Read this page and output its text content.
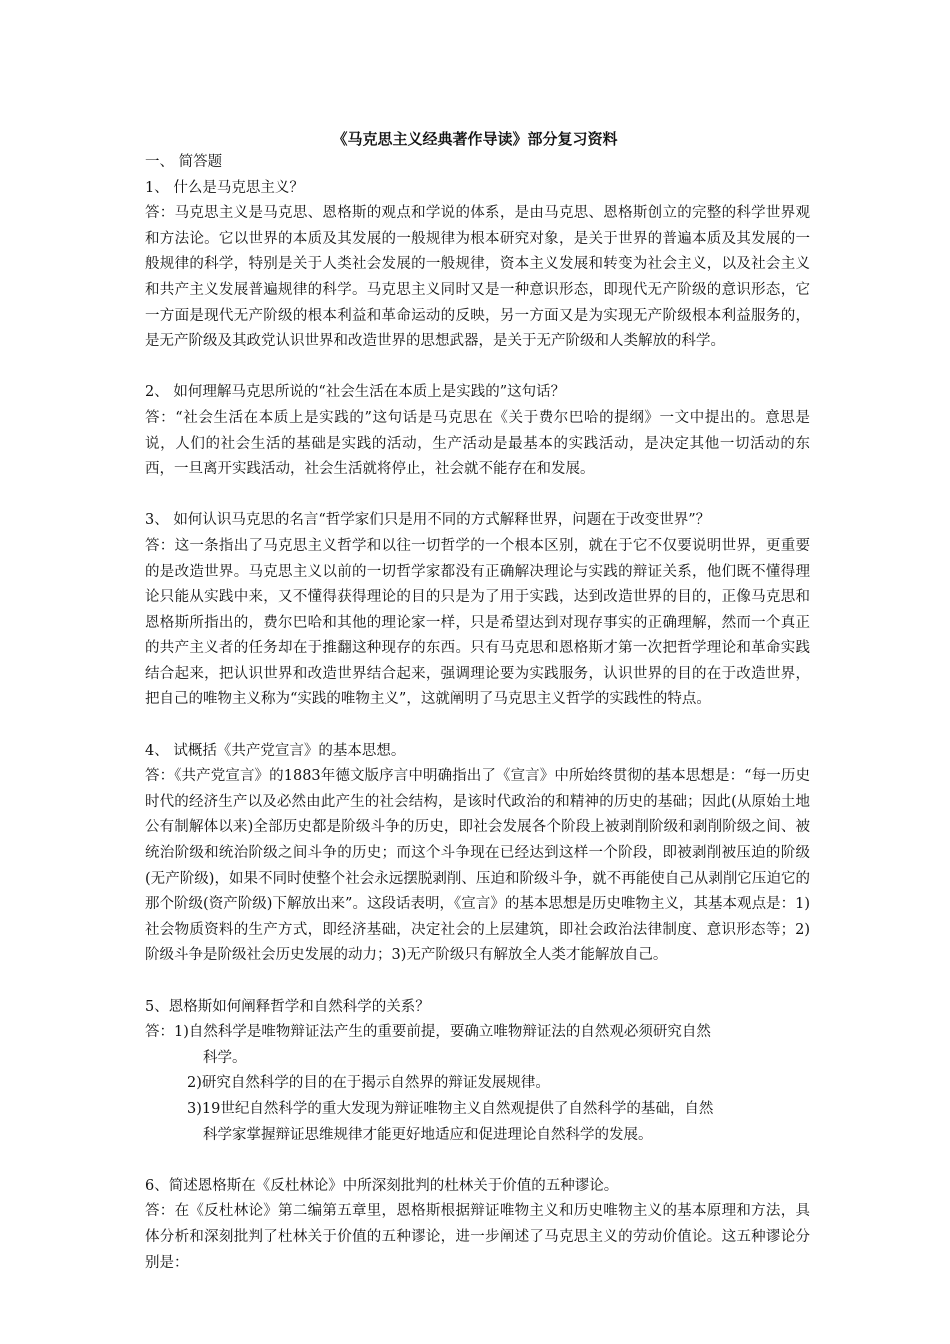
《马克思主义经典著作导读》部分复习资料
一、 简答题
1、 什么是马克思主义？
答：马克思主义是马克思、恩格斯的观点和学说的体系，是由马克思、恩格斯创立的完整的科学世界观和方法论。它以世界的本质及其发展的一般规律为根本研究对象，是关于世界的普遍本质及其发展的一般规律的科学，特别是关于人类社会发展的一般规律，资本主义发展和转变为社会主义，以及社会主义和共产主义发展普遍规律的科学。马克思主义同时又是一种意识形态，即现代无产阶级的意识形态，它一方面是现代无产阶级的根本利益和革命运动的反映，另一方面又是为实现无产阶级根本利益服务的，是无产阶级及其政党认识世界和改造世界的思想武器，是关于无产阶级和人类解放的科学。
2、 如何理解马克思所说的“社会生活在本质上是实践的”这句话？
答：“社会生活在本质上是实践的”这句话是马克思在《关于费尔巴哈的提纲》一文中提出的。意思是说，人们的社会生活的基础是实践的活动，生产活动是最基本的实践活动，是决定其他一切活动的东西，一旦离开实践活动，社会生活就将停止，社会就不能存在和发展。
3、 如何认识马克思的名言“哲学家们只是用不同的方式解释世界，问题在于改变世界”？
答：这一条指出了马克思主义哲学和以往一切哲学的一个根本区别，就在于它不仅要说明世界，更重要的是改造世界。马克思主义以前的一切哲学家都没有正确解决理论与实践的辩证关系，他们既不懂得理论只能从实践中来，又不懂得获得理论的目的只是为了用于实践，达到改造世界的目的，正像马克思和恩格斯所指出的，费尔巴哈和其他的理论家一样，只是希望达到对现存事实的正确理解，然而一个真正的共产主义者的任务却在于推翻这种现存的东西。只有马克思和恩格斯才第一次把哲学理论和革命实践结合起来，把认识世界和改造世界结合起来，强调理论要为实践服务，认识世界的目的在于改造世界，把自己的唯物主义称为“实践的唯物主义”，这就阐明了马克思主义哲学的实践性的特点。
4、 试概括《共产党宣言》的基本思想。
答：《共产党宣言》的1883年德文版序言中明确指出了《宣言》中所始终贯彻的基本思想是：“每一历史时代的经济生产以及必然由此产生的社会结构，是该时代政治的和精神的历史的基础；因此(从原始土地公有制解体以来)全部历史都是阶级斗争的历史，即社会发展各个阶段上被剥削阶级和剥削阶级之间、被统治阶级和统治阶级之间斗争的历史；而这个斗争现在已经达到这样一个阶段，即被剥削被压迫的阶级(无产阶级)，如果不同时使整个社会永远摆脱剥削、压迫和阶级斗争，就不再能使自己从剥削它压迫它的那个阶级(资产阶级)下解放出来”。这段话表明，《宣言》的基本思想是历史唯物主义，其基本观点是：1)社会物质资料的生产方式，即经济基础，决定社会的上层建筑，即社会政治法律制度、意识形态等；2)阶级斗争是阶级社会历史发展的动力；3)无产阶级只有解放全人类才能解放自己。
5、恩格斯如何阐释哲学和自然科学的关系？
答：1)自然科学是唯物辩证法产生的重要前提，要确立唯物辩证法的自然观必须研究自然
科学。
2)研究自然科学的目的在于揭示自然界的辩证发展规律。
3)19世纪自然科学的重大发现为辩证唯物主义自然观提供了自然科学的基础，自然
科学家掌握辩证思维规律才能更好地适应和促进理论自然科学的发展。
6、简述恩格斯在《反杜林论》中所深刻批判的杜林关于价值的五种谬论。
答：在《反杜林论》第二编第五章里，恩格斯根据辩证唯物主义和历史唯物主义的基本原理和方法，具体分析和深刻批判了杜林关于价值的五种谬论，进一步阐述了马克思主义的劳动价值论。这五种谬论分别是：
